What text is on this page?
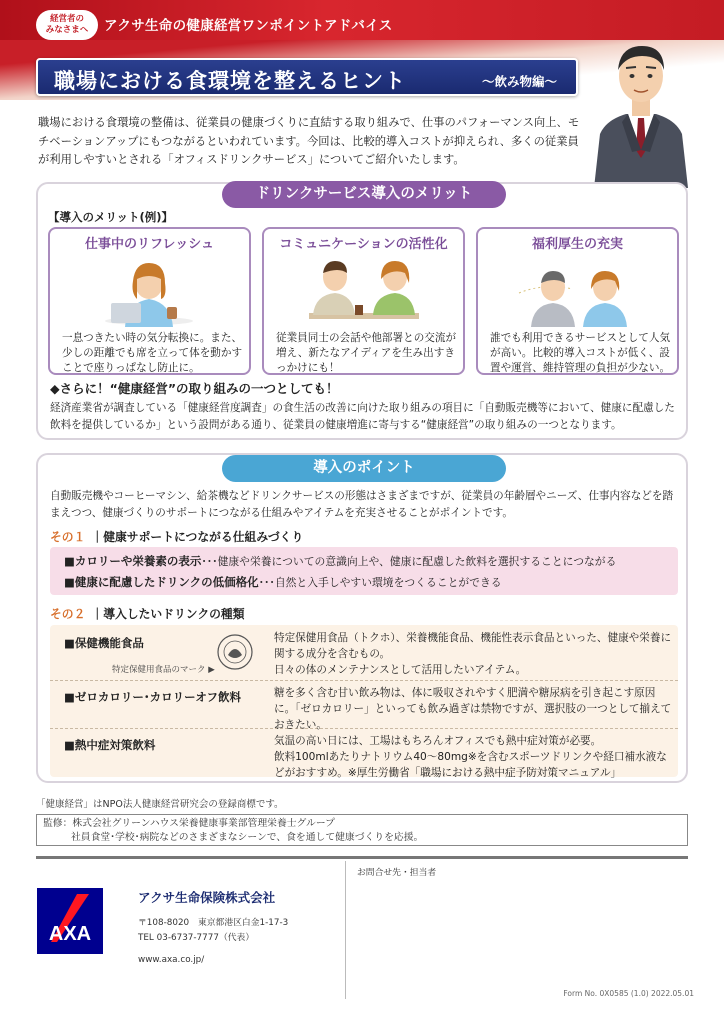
経営者の
みなさまへ	アクサ生命の健康経営ワンポイントアドバイス
職場における食環境を整えるヒント	～飲み物編～
職場における食環境の整備は、従業員の健康づくりに直結する取り組みで、仕事のパフォーマンス向上、モチベーションアップにもつながるといわれています。今回は、比較的導入コストが抑えられ、多くの従業員が利用しやすいとされる「オフィスドリンクサービス」についてご紹介いたします。
ドリンクサービス導入のメリット
【導入のメリット(例)】
仕事中のリフレッシュ
一息つきたい時の気分転換に。また、少しの距離でも席を立って体を動かすことで座りっぱなし防止に。
コミュニケーションの活性化
従業員同士の会話や他部署との交流が増え、新たなアイディアを生み出すきっかけにも！
福利厚生の充実
誰でも利用できるサービスとして人気が高い。比較的導入コストが低く、設置や運営、維持管理の負担が少ない。
◆さらに！“健康経営”の取り組みの一つとしても！
経済産業省が調査している「健康経営度調査」の食生活の改善に向けた取り組みの項目に「自動販売機等において、健康に配慮した飲料を提供しているか」という設問がある通り、従業員の健康増進に寄与する“健康経営”の取り組みの一つとなります。
導入のポイント
自動販売機やコーヒーマシン、給茶機などドリンクサービスの形態はさまざまですが、従業員の年齢層やニーズ、仕事内容などを踏まえつつ、健康づくりのサポートにつながる仕組みやアイテムを充実させることがポイントです。
その１ ｜健康サポートにつながる仕組みづくり
■カロリーや栄養素の表示･･･健康や栄養についての意識向上や、健康に配慮した飲料を選択することにつながる
■健康に配慮したドリンクの低価格化･･･自然と入手しやすい環境をつくることができる
その２ ｜導入したいドリンクの種類
■保健機能食品
特定保健用食品のマーク ▶
特定保健用食品（トクホ）、栄養機能食品、機能性表示食品といった、健康や栄養に関する成分を含むもの。
日々の体のメンテナンスとして活用したいアイテム。
■ゼロカロリー･カロリーオフ飲料	糖を多く含む甘い飲み物は、体に吸収されやすく肥満や糖尿病を引き起こす原因に。「ゼロカロリー」といっても飲み過ぎは禁物ですが、選択肢の一つとして揃えておきたい。
■熱中症対策飲料	気温の高い日には、工場はもちろんオフィスでも熱中症対策が必要。
飲料100mlあたりナトリウム40～80mg※を含むスポーツドリンクや経口補水液などがおすすめ。※厚生労働省「職場における熱中症予防対策マニュアル」
「健康経営」はNPO法人健康経営研究会の登録商標です。
監修：株式会社グリーンハウス栄養健康事業部管理栄養士グループ
社員食堂･学校･病院などのさまざまなシーンで、食を通して健康づくりを応援。
AXA
アクサ生命保険株式会社
〒108-8020　東京都港区白金1-17-3
TEL 03-6737-7777（代表）
www.axa.co.jp/
お問合せ先・担当者
Form No. 0X0585 (1.0) 2022.05.01
